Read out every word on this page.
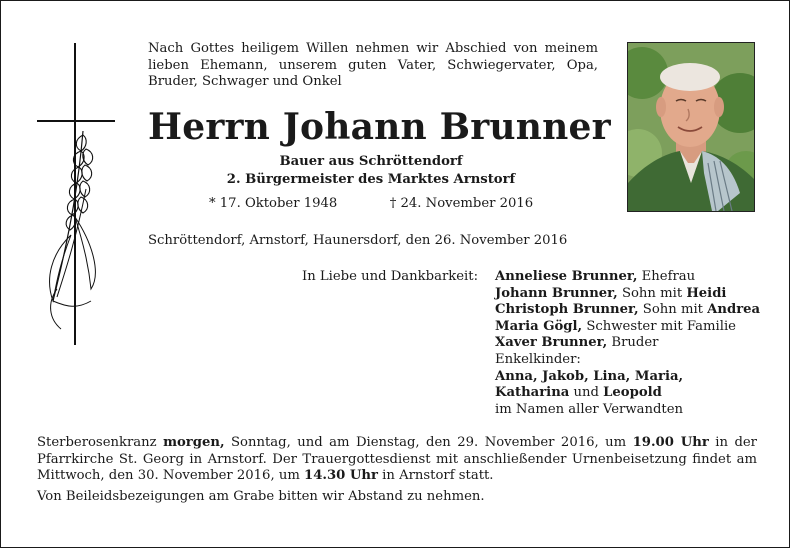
Nach Gottes heiligem Willen nehmen wir Abschied von meinem lieben Ehemann, unserem guten Vater, Schwiegervater, Opa, Bruder, Schwager und Onkel
Herrn Johann Brunner
Bauer aus Schröttendorf
2. Bürgermeister des Marktes Arnstorf
* 17. Oktober 1948	† 24. November 2016
Schröttendorf, Arnstorf, Haunersdorf, den 26. November 2016
In Liebe und Dankbarkeit: Anneliese Brunner, Ehefrau
Johann Brunner, Sohn mit Heidi
Christoph Brunner, Sohn mit Andrea
Maria Gögl, Schwester mit Familie
Xaver Brunner, Bruder
Enkelkinder:
Anna, Jakob, Lina, Maria,
Katharina und Leopold
im Namen aller Verwandten

Sterberosenkranz morgen, Sonntag, und am Dienstag, den 29. November 2016, um 19.00 Uhr in der Pfarrkirche St. Georg in Arnstorf. Der Trauergottesdienst mit anschließender Urnenbeisetzung findet am Mittwoch, den 30. November 2016, um 14.30 Uhr in Arnstorf statt.

Von Beileidsbezeigungen am Grabe bitten wir Abstand zu nehmen.
